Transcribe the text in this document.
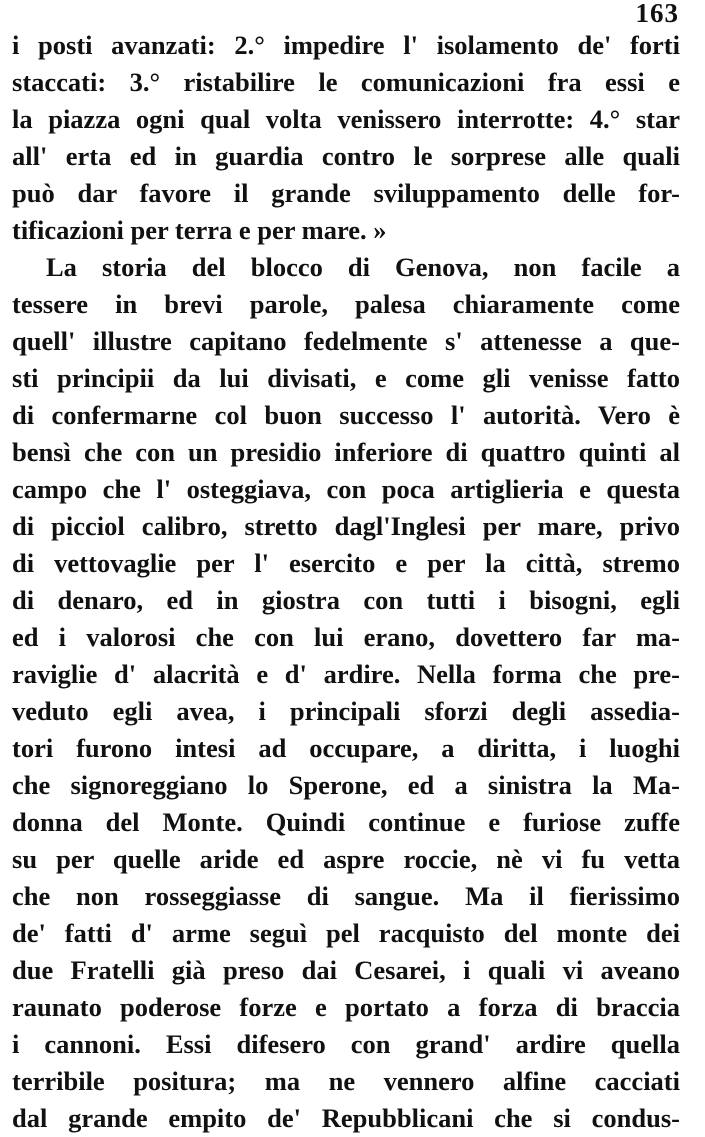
163
i posti avanzati: 2.° impedire l' isolamento de' forti
staccati: 3.° ristabilire le comunicazioni fra essi e
la piazza ogni qual volta venissero interrotte: 4.° star
all' erta ed in guardia contro le sorprese alle quali
può dar favore il grande sviluppamento delle for-
tificazioni per terra e per mare. »
La storia del blocco di Genova, non facile a
tessere in brevi parole, palesa chiaramente come
quell' illustre capitano fedelmente s' attenesse a que-
sti principii da lui divisati, e come gli venisse fatto
di confermarne col buon successo l' autorità. Vero è
bensì che con un presidio inferiore di quattro quinti al
campo che l' osteggiava, con poca artiglieria e questa
di picciol calibro, stretto dagl'Inglesi per mare, privo
di vettovaglie per l' esercito e per la città, stremo
di denaro, ed in giostra con tutti i bisogni, egli
ed i valorosi che con lui erano, dovettero far ma-
raviglie d' alacrità e d' ardire. Nella forma che pre-
veduto egli avea, i principali sforzi degli assedia-
tori furono intesi ad occupare, a diritta, i luoghi
che signoreggiano lo Sperone, ed a sinistra la Ma-
donna del Monte. Quindi continue e furiose zuffe
su per quelle aride ed aspre roccie, nè vi fu vetta
che non rosseggiasse di sangue. Ma il fierissimo
de' fatti d' arme seguì pel racquisto del monte dei
due Fratelli già preso dai Cesarei, i quali vi aveano
raunato poderose forze e portato a forza di braccia
i cannoni. Essi difesero con grand' ardire quella
terribile positura; ma ne vennero alfine cacciati
dal grande empito de' Repubblicani che si condus-
